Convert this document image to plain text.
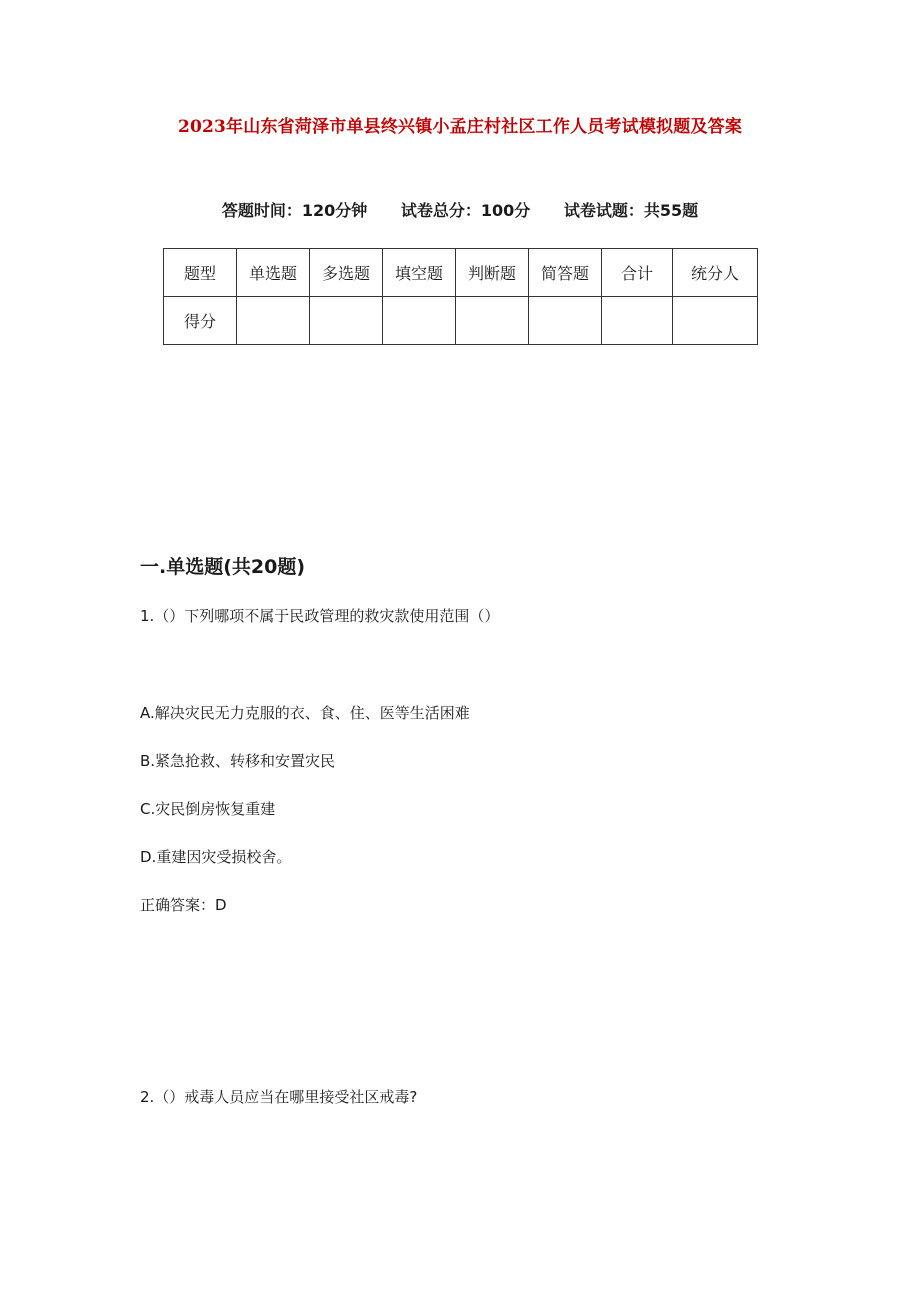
2023年山东省菏泽市单县终兴镇小孟庄村社区工作人员考试模拟题及答案
答题时间：120分钟 试卷总分：100分 试卷试题：共55题
题型	单选题	多选题	填空题	判断题	简答题	合计	统分人
得分							
一.单选题(共20题)
1.（）下列哪项不属于民政管理的救灾款使用范围（）
A.解决灾民无力克服的衣、食、住、医等生活困难
B.紧急抢救、转移和安置灾民
C.灾民倒房恢复重建
D.重建因灾受损校舍。
正确答案：D
2.（）戒毒人员应当在哪里接受社区戒毒?
